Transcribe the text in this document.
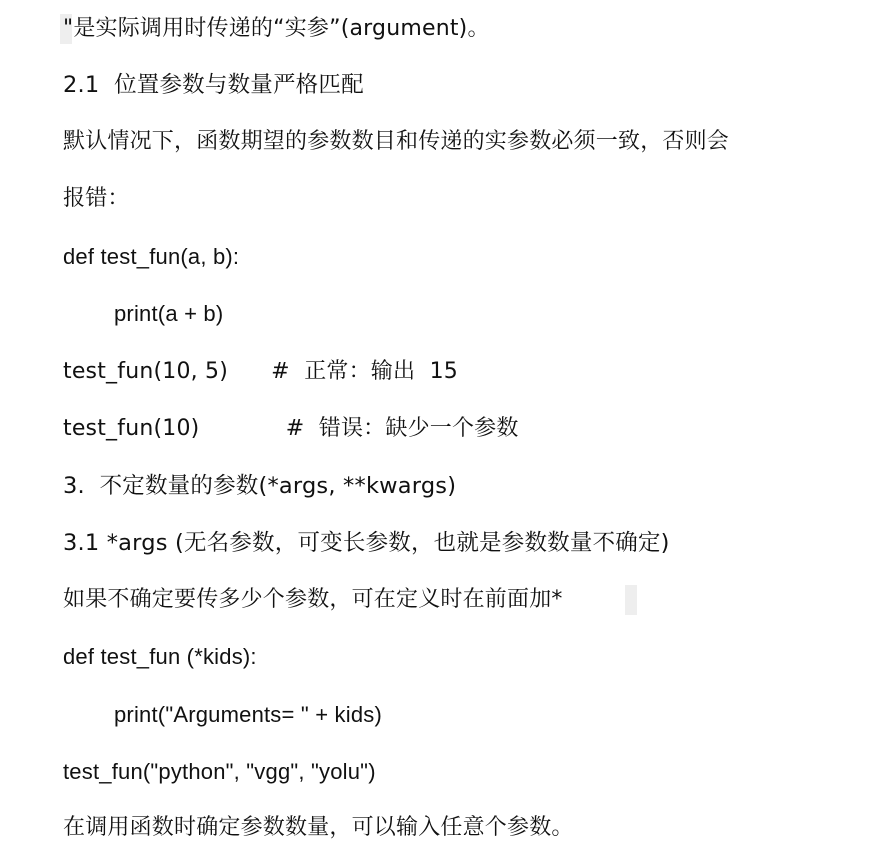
"是实际调用时传递的“实参”(argument)。
2.1  位置参数与数量严格匹配
默认情况下，函数期望的参数数目和传递的实参数必须一致，否则会
报错：
def test_fun(a, b):
print(a + b)
test_fun(10, 5)      #  正常：输出  15
test_fun(10)            #  错误：缺少一个参数
3.  不定数量的参数(*args, **kwargs)
3.1 *args (无名参数，可变长参数，也就是参数数量不确定)
如果不确定要传多少个参数，可在定义时在前面加*
def test_fun (*kids):
print("Arguments= " + kids)
test_fun("python", "vgg", "yolu")
在调用函数时确定参数数量，可以输入任意个参数。
